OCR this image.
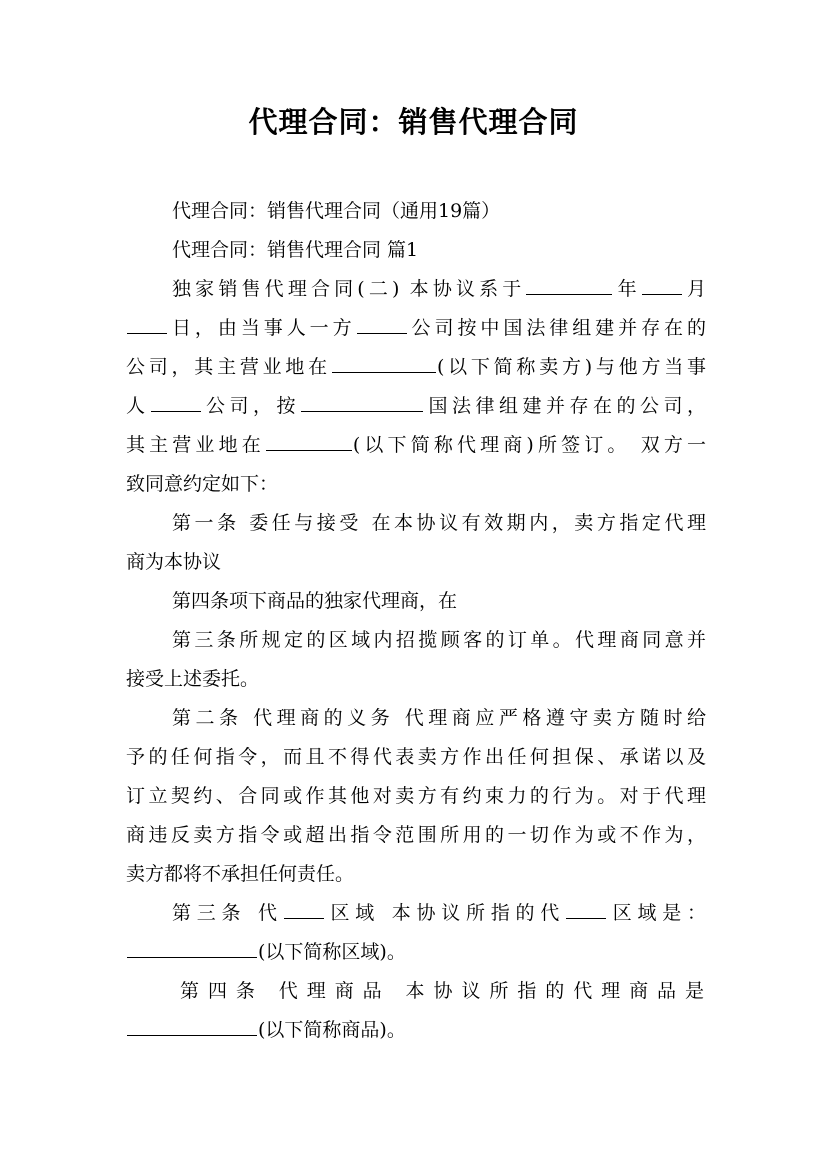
代理合同：销售代理合同
代理合同：销售代理合同（通用19篇）
代理合同：销售代理合同 篇1
独家销售代理合同(二) 本协议系于	年 月
日，由当事人一方	公司按中国法律组建并存在的
公司，其主营业地在	(以下简称卖方)与他方当事
人	公司，按	国法律组建并存在的公司，
其主营业地在	(以下简称代理商)所签订。 双方一
致同意约定如下：
第一条 委任与接受 在本协议有效期内，卖方指定代理
商为本协议
第四条项下商品的独家代理商，在
第三条所规定的区域内招揽顾客的订单。代理商同意并
接受上述委托。
第二条 代理商的义务 代理商应严格遵守卖方随时给
予的任何指令，而且不得代表卖方作出任何担保、承诺以及
订立契约、合同或作其他对卖方有约束力的行为。对于代理
商违反卖方指令或超出指令范围所用的一切作为或不作为，
卖方都将不承担任何责任。
第三条 代 区域 本协议所指的代 区域是：
(以下简称区域)。
第四条 代理商品 本协议所指的代理商品是
(以下简称商品)。
